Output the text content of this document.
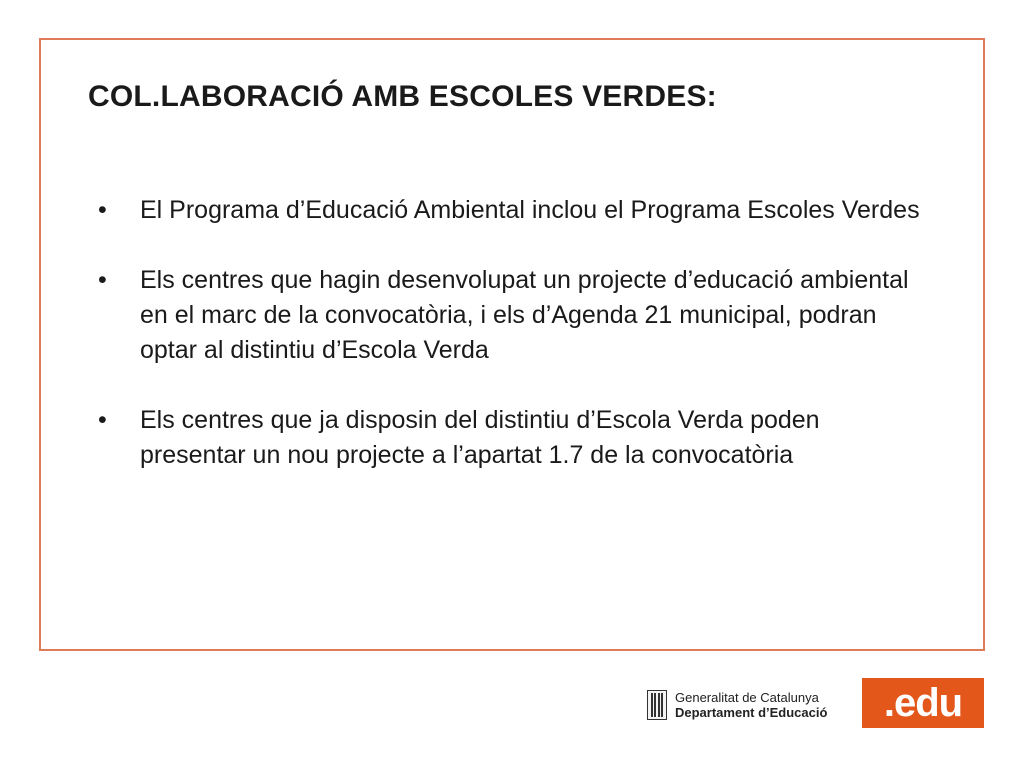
COL.LABORACIÓ AMB ESCOLES VERDES:
• El Programa d’Educació Ambiental inclou el Programa Escoles Verdes
• Els centres que hagin desenvolupat un projecte d’educació ambiental en el marc de la convocatòria, i els d’Agenda 21 municipal, podran optar al distintiu d’Escola Verda
• Els centres que ja disposin del distintiu d’Escola Verda poden presentar un nou projecte a l’apartat 1.7 de la convocatòria
Generalitat de Catalunya
Departament d’Educació	.edu
